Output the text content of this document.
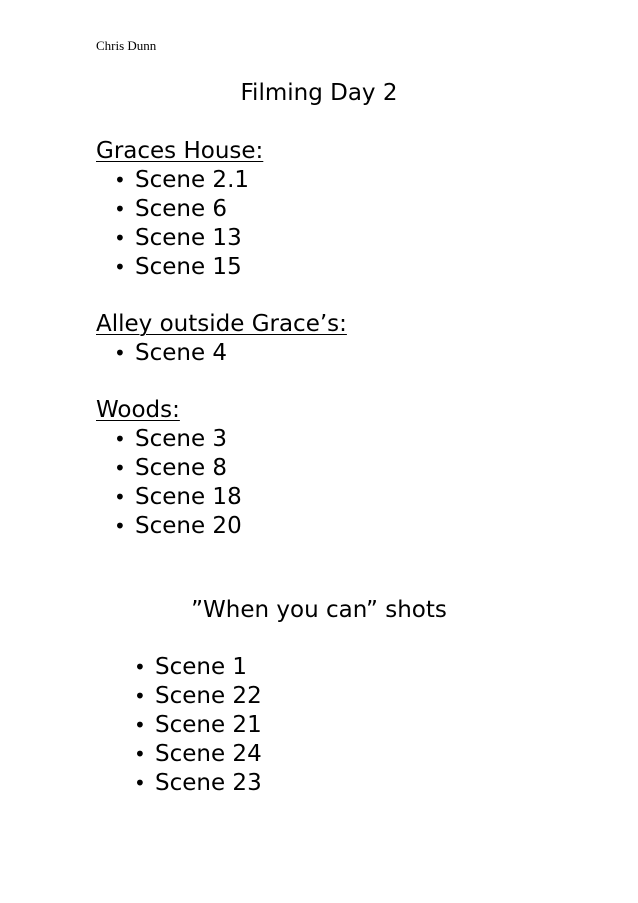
Chris Dunn
Filming Day 2
Graces House:
• Scene 2.1
• Scene 6
• Scene 13
• Scene 15
Alley outside Grace’s:
• Scene 4
Woods:
• Scene 3
• Scene 8
• Scene 18
• Scene 20
”When you can” shots
• Scene 1
• Scene 22
• Scene 21
• Scene 24
• Scene 23
